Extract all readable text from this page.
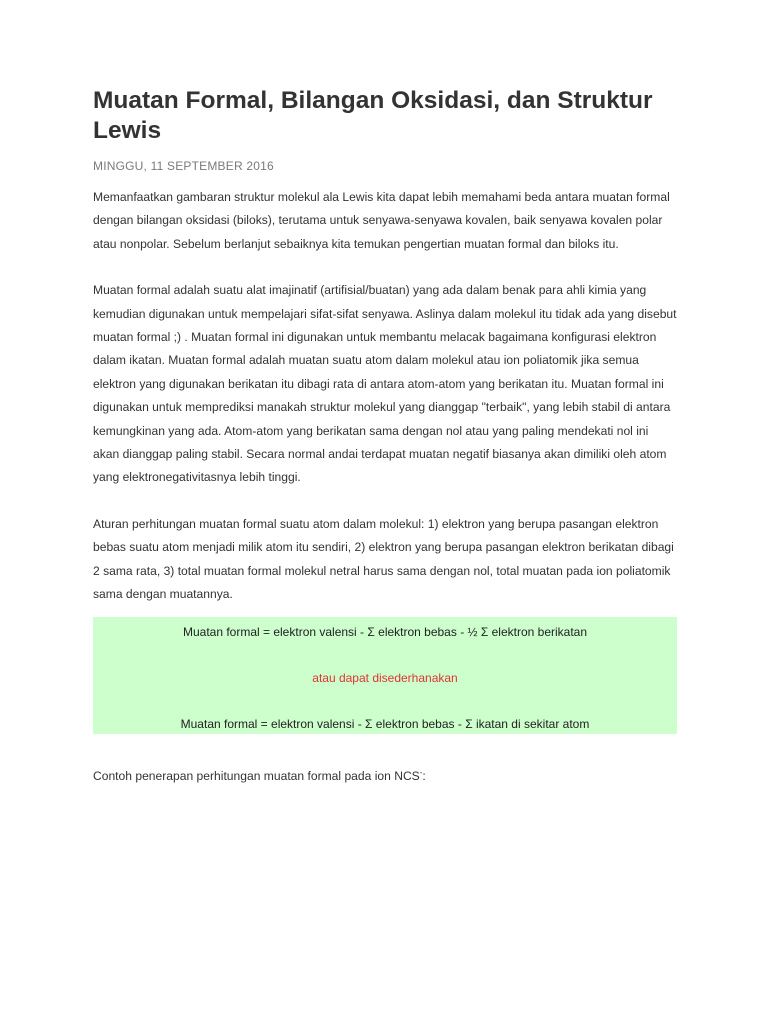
Muatan Formal, Bilangan Oksidasi, dan Struktur Lewis
MINGGU, 11 SEPTEMBER 2016

Memanfaatkan gambaran struktur molekul ala Lewis kita dapat lebih memahami beda antara muatan formal dengan bilangan oksidasi (biloks), terutama untuk senyawa-senyawa kovalen, baik senyawa kovalen polar atau nonpolar. Sebelum berlanjut sebaiknya kita temukan pengertian muatan formal dan biloks itu.

Muatan formal adalah suatu alat imajinatif (artifisial/buatan) yang ada dalam benak para ahli kimia yang kemudian digunakan untuk mempelajari sifat-sifat senyawa. Aslinya dalam molekul itu tidak ada yang disebut muatan formal ;) . Muatan formal ini digunakan untuk membantu melacak bagaimana konfigurasi elektron dalam ikatan. Muatan formal adalah muatan suatu atom dalam molekul atau ion poliatomik jika semua elektron yang digunakan berikatan itu dibagi rata di antara atom-atom yang berikatan itu. Muatan formal ini digunakan untuk memprediksi manakah struktur molekul yang dianggap "terbaik", yang lebih stabil di antara kemungkinan yang ada. Atom-atom yang berikatan sama dengan nol atau yang paling mendekati nol ini akan dianggap paling stabil. Secara normal andai terdapat muatan negatif biasanya akan dimiliki oleh atom yang elektronegativitasnya lebih tinggi.

Aturan perhitungan muatan formal suatu atom dalam molekul: 1) elektron yang berupa pasangan elektron bebas suatu atom menjadi milik atom itu sendiri, 2) elektron yang berupa pasangan elektron berikatan dibagi 2 sama rata, 3) total muatan formal molekul netral harus sama dengan nol, total muatan pada ion poliatomik sama dengan muatannya.

Muatan formal = elektron valensi - Σ elektron bebas - ½ Σ elektron berikatan

atau dapat disederhanakan

Muatan formal = elektron valensi - Σ elektron bebas - Σ ikatan di sekitar atom

Contoh penerapan perhitungan muatan formal pada ion NCS-:
